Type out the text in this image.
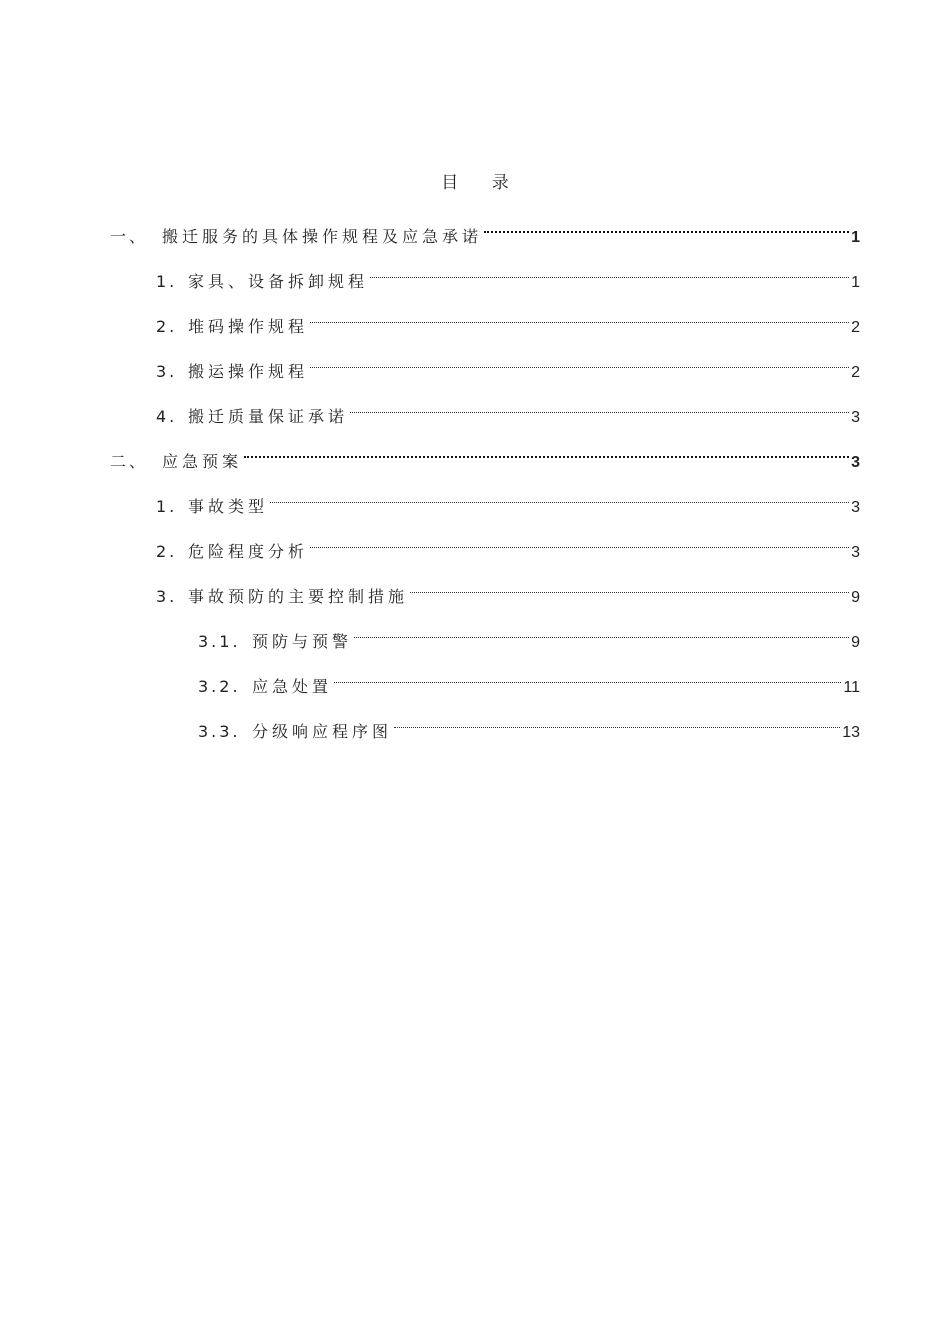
目 录
一、 搬迁服务的具体操作规程及应急承诺	1
1. 家具、设备拆卸规程	1
2. 堆码操作规程	2
3. 搬运操作规程	2
4. 搬迁质量保证承诺	3
二、 应急预案	3
1. 事故类型	3
2. 危险程度分析	3
3. 事故预防的主要控制措施	9
3.1. 预防与预警	9
3.2. 应急处置	11
3.3. 分级响应程序图	13
